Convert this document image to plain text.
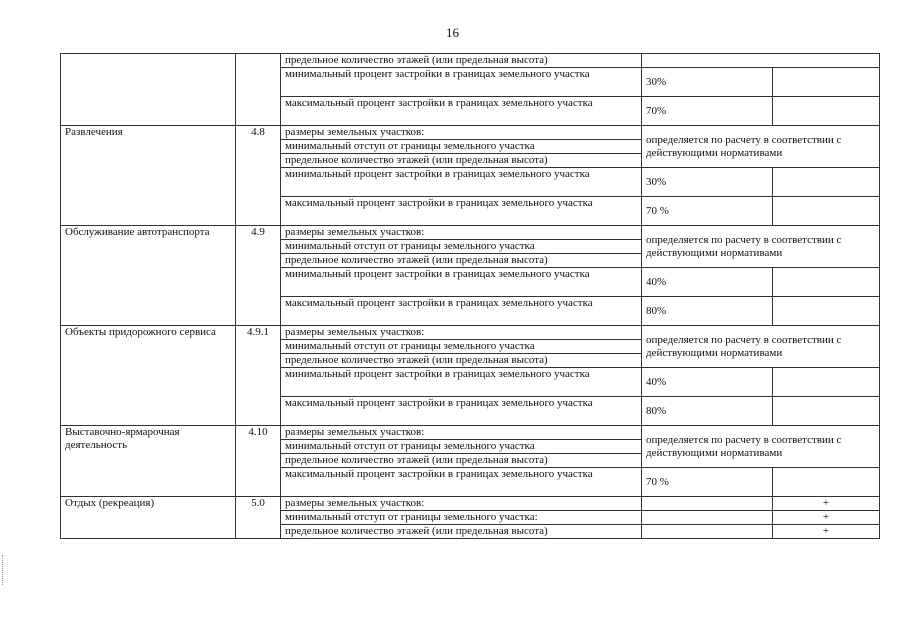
16
		предельное количество этажей (или предельная высота)		
		минимальный процент застройки в границах земельного участка	30%	
		максимальный процент застройки в границах земельного участка	70%	
Развлечения	4.8	размеры земельных участков:	определяется по расчету в соответствии с действующими нормативами	
		минимальный отступ от границы земельного участка		
		предельное количество этажей (или предельная высота)		
		минимальный процент застройки в границах земельного участка	30%	
		максимальный процент застройки в границах земельного участка	70 %	
Обслуживание автотранспорта	4.9	размеры земельных участков:	определяется по расчету в соответствии с действующими нормативами	
		минимальный отступ от границы земельного участка		
		предельное количество этажей (или предельная высота)		
		минимальный процент застройки в границах земельного участка	40%	
		максимальный процент застройки в границах земельного участка	80%	
Объекты придорожного сервиса	4.9.1	размеры земельных участков:	определяется по расчету в соответствии с действующими нормативами	
		минимальный отступ от границы земельного участка		
		предельное количество этажей (или предельная высота)		
		минимальный процент застройки в границах земельного участка	40%	
		максимальный процент застройки в границах земельного участка	80%	
Выставочно-ярмарочная деятельность	4.10	размеры земельных участков:	определяется по расчету в соответствии с действующими нормативами	
		минимальный отступ от границы земельного участка		
		предельное количество этажей (или предельная высота)		
		максимальный процент застройки в границах земельного участка	70 %	
Отдых (рекреация)	5.0	размеры земельных участков:		+
		минимальный отступ от границы земельного участка:		+
		предельное количество этажей (или предельная высота)		+
